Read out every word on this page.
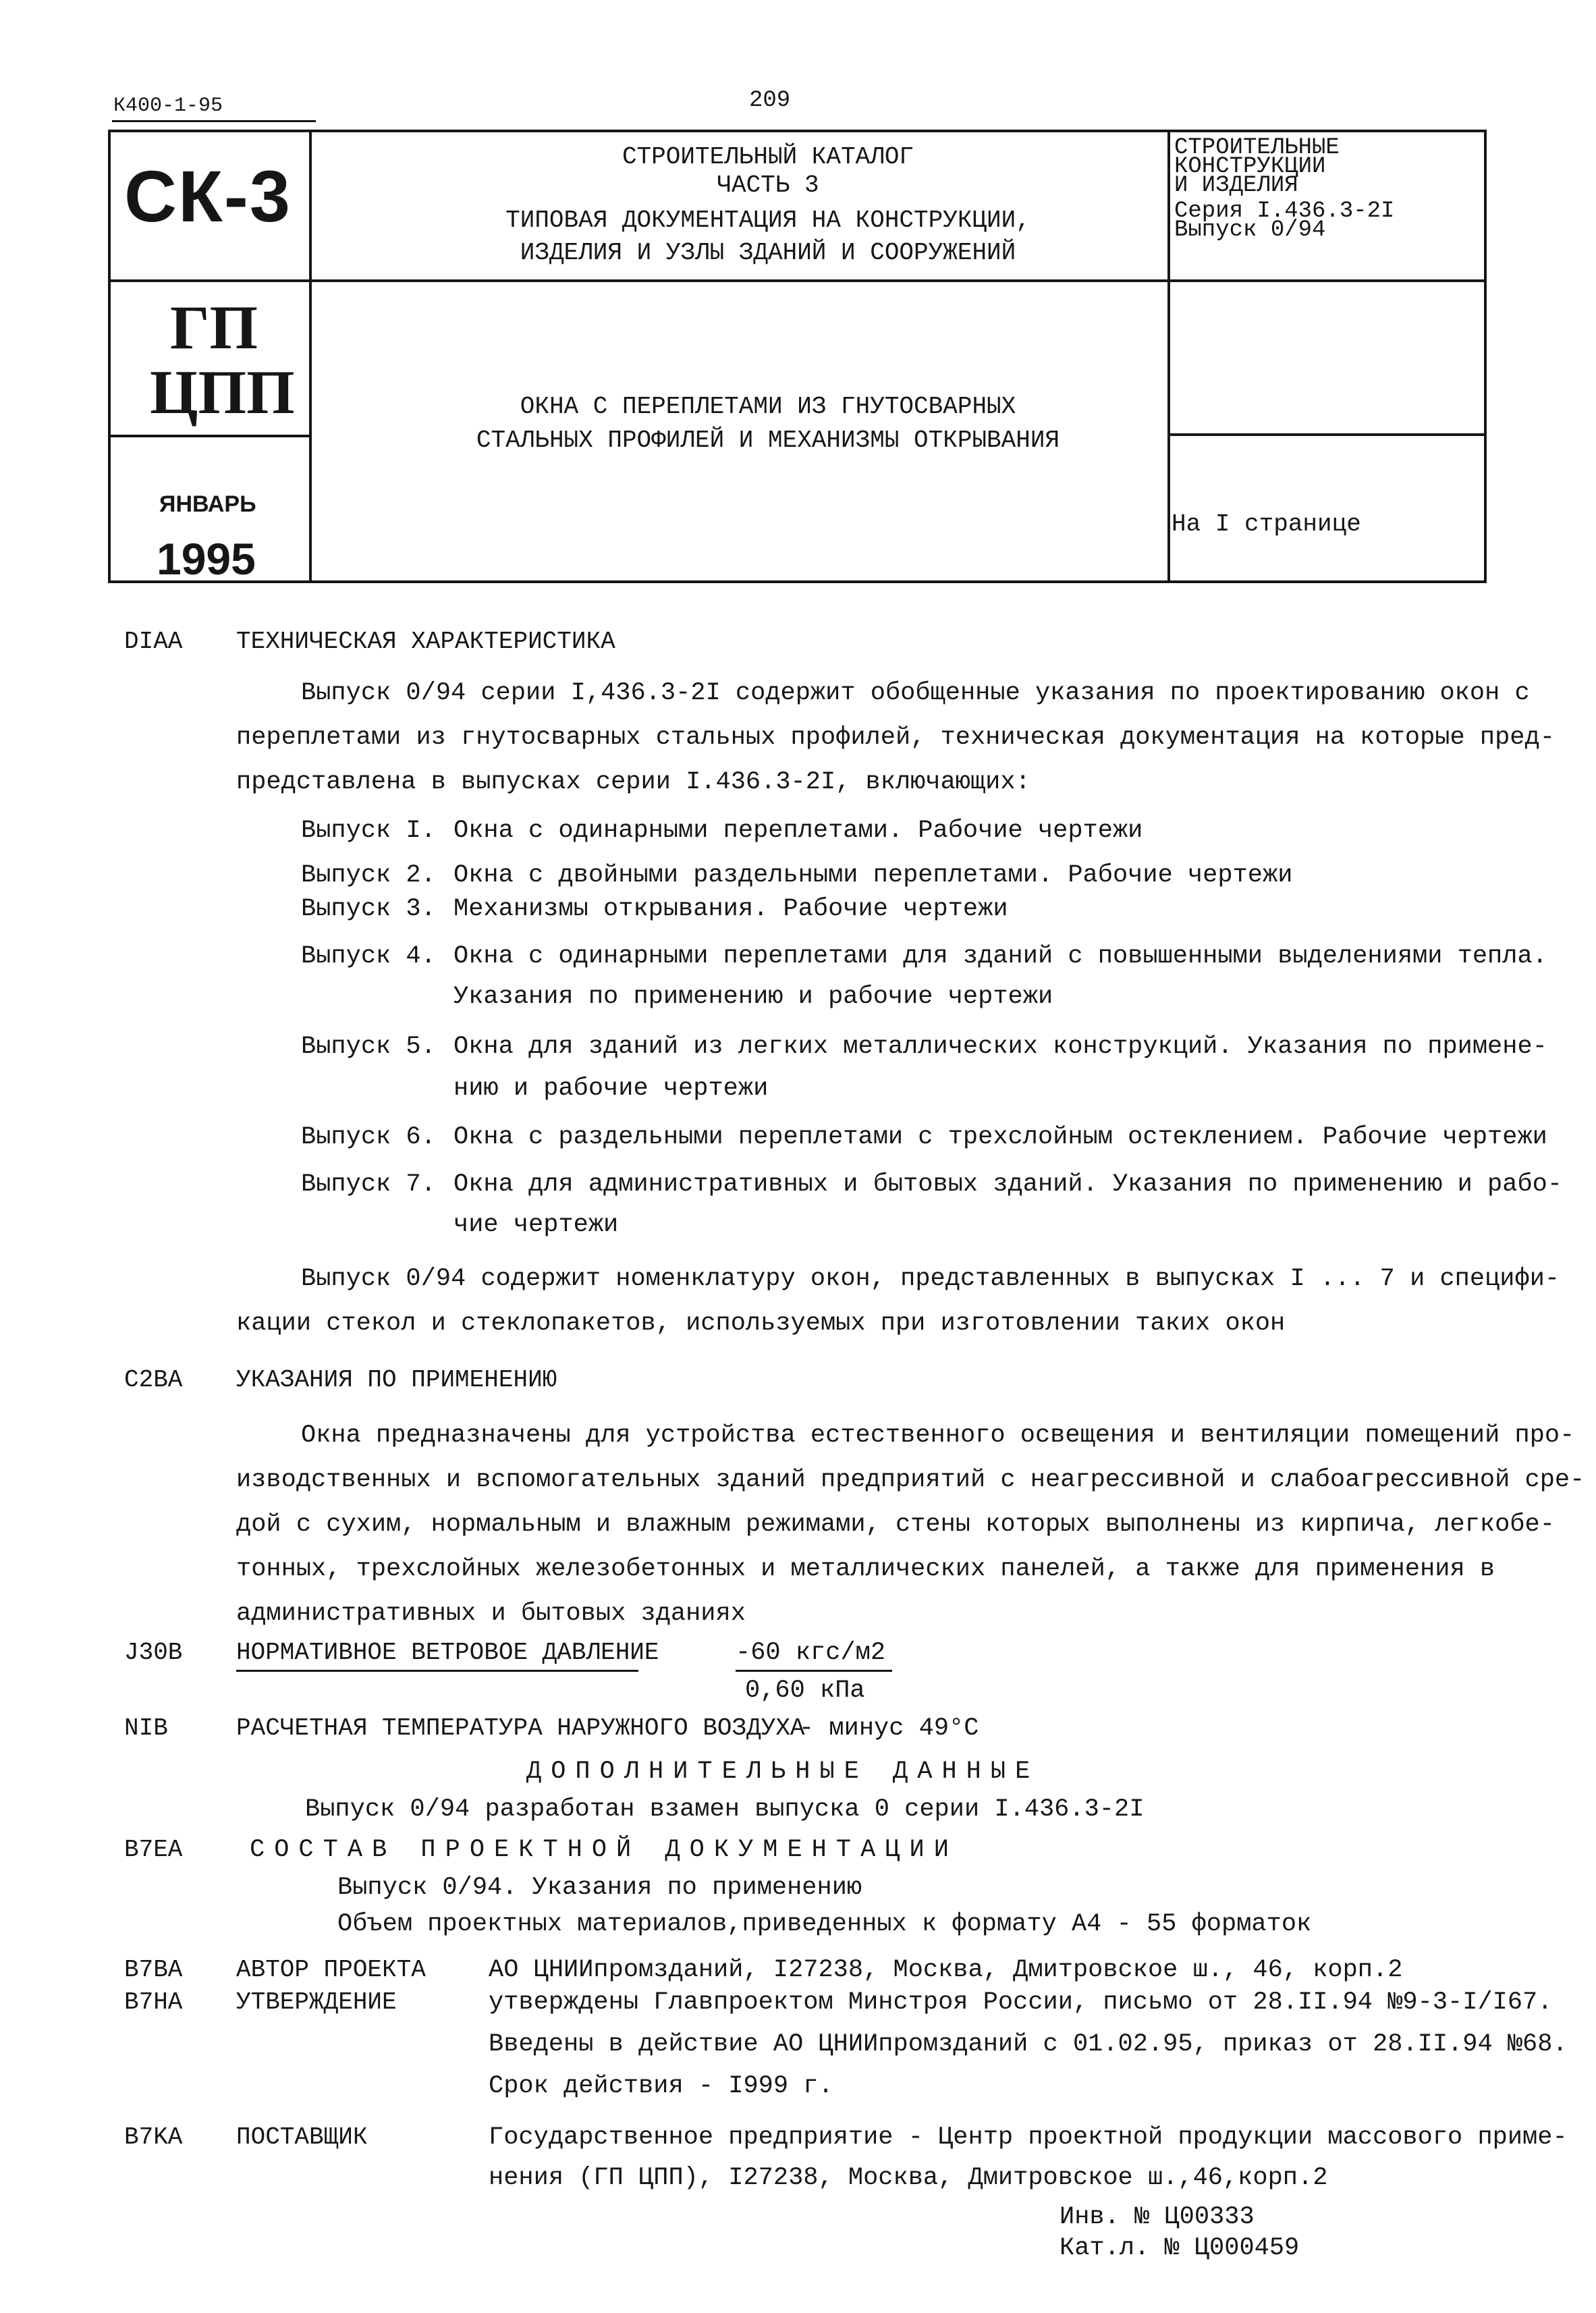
К400-1-95	209
СК-3
ГП
ЦПП
ЯНВАРЬ
1995
СТРОИТЕЛЬНЫЙ КАТАЛОГ
ЧАСТЬ 3
ТИПОВАЯ ДОКУМЕНТАЦИЯ НА КОНСТРУКЦИИ,
ИЗДЕЛИЯ И УЗЛЫ ЗДАНИЙ И СООРУЖЕНИЙ
СТРОИТЕЛЬНЫЕ
КОНСТРУКЦИИ
И ИЗДЕЛИЯ
Серия I.436.3-2I
Выпуск 0/94
ОКНА С ПЕРЕПЛЕТАМИ ИЗ ГНУТОСВАРНЫХ
СТАЛЬНЫХ ПРОФИЛЕЙ И МЕХАНИЗМЫ ОТКРЫВАНИЯ
На I странице
DIAA ТЕХНИЧЕСКАЯ ХАРАКТЕРИСТИКА
Выпуск 0/94 серии I,436.3-2I содержит обобщенные указания по проектированию окон с
переплетами из гнутосварных стальных профилей, техническая документация на которые пред-
представлена в выпусках серии I.436.3-2I, включающих:
Выпуск I. Окна с одинарными переплетами. Рабочие чертежи
Выпуск 2. Окна с двойными раздельными переплетами. Рабочие чертежи
Выпуск 3. Механизмы открывания. Рабочие чертежи
Выпуск 4. Окна с одинарными переплетами для зданий с повышенными выделениями тепла.
Указания по применению и рабочие чертежи
Выпуск 5. Окна для зданий из легких металлических конструкций. Указания по примене-
нию и рабочие чертежи
Выпуск 6. Окна с раздельными переплетами с трехслойным остеклением. Рабочие чертежи
Выпуск 7. Окна для административных и бытовых зданий. Указания по применению и рабо-
чие чертежи
Выпуск 0/94 содержит номенклатуру окон, представленных в выпусках I ... 7 и специфи-
кации стекол и стеклопакетов, используемых при изготовлении таких окон
C2BA УКАЗАНИЯ ПО ПРИМЕНЕНИЮ
Окна предназначены для устройства естественного освещения и вентиляции помещений про-
изводственных и вспомогательных зданий предприятий с неагрессивной и слабоагрессивной сре-
дой с сухим, нормальным и влажным режимами, стены которых выполнены из кирпича, легкобе-
тонных, трехслойных железобетонных и металлических панелей, а также для применения в
административных и бытовых зданиях
J30B НОРМАТИВНОЕ ВЕТРОВОЕ ДАВЛЕНИЕ	-60 кгс/м2
0,60 кПа
NIB	РАСЧЕТНАЯ ТЕМПЕРАТУРА НАРУЖНОГО ВОЗДУХА
- минус 49°С
ДОПОЛНИТЕЛЬНЫЕ ДАННЫЕ
Выпуск 0/94 разработан взамен выпуска 0 серии I.436.3-2I
B7EA	СОСТАВ ПРОЕКТНОЙ ДОКУМЕНТАЦИИ
Выпуск 0/94. Указания по применению
Объем проектных материалов,приведенных к формату А4 - 55 форматок
B7BA АВТОР ПРОЕКТА	АО ЦНИИпромзданий, I27238, Москва, Дмитровское ш., 46, корп.2
B7HA УТВЕРЖДЕНИЕ	утверждены Главпроектом Минстроя России, письмо от 28.II.94 №9-3-I/I67.
Введены в действие АО ЦНИИпромзданий с 01.02.95, приказ от 28.II.94 №68.
Срок действия - I999 г.
B7KA ПОСТАВЩИК	Государственное предприятие - Центр проектной продукции массового приме-
нения (ГП ЦПП), I27238, Москва, Дмитровское ш.,46,корп.2
Инв. № Ц00333
Кат.л. № Ц000459
